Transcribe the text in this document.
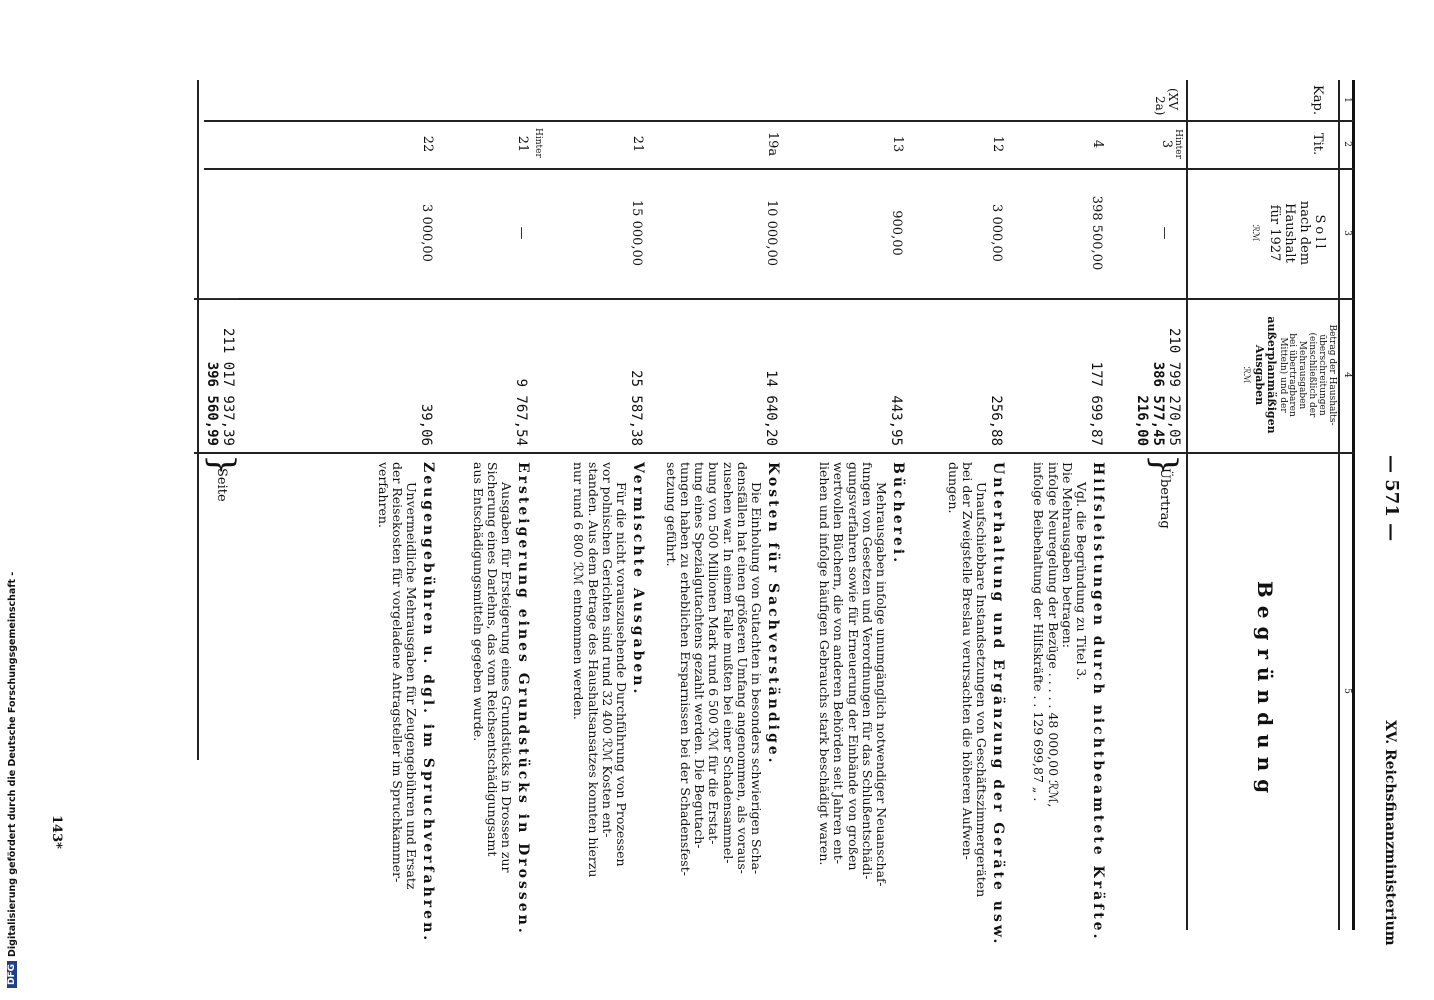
— 571 —
XV. Reichsfinanzministerium
1
2
3
4
5
Kap.
Tit.
Soll
nach dem
Haushalt
für 1927
ℛℳ
Betrag der Haushalts-
überschreitungen
(einschließlich der
Mehrausgaben
bei übertragbaren
Mitteln) und der
außerplanmäßigen
Ausgaben
ℛℳ
Begründung
(XV
2a)
Hinter
3
—
210 799 270,05
386 577,45
216,00
}
Übertrag
4
398 500,00
177 699,87
Hilfsleistungen durch nichtbeamtete Kräfte.
Vgl. die Begründung zu Titel 3.
Die Mehrausgaben betragen:
infolge Neuregelung der Bezüge . . . . . 48 000,00 ℛℳ,
infolge Beibehaltung der Hilfskräfte . . 129 699,87 „ .
12
3 000,00
256,88
Unterhaltung und Ergänzung der Geräte usw.
Unaufschiebbare Instandsetzungen von Geschäftszimmergeräten
bei der Zweigstelle Breslau verursachten die höheren Aufwen-
dungen.
13
900,00
443,95
Bücherei.
Mehrausgaben infolge unumgänglich notwendiger Neuanschaf-
fungen von Gesetzen und Verordnungen für das Schlußentschädi-
gungsverfahren sowie für Erneuerung der Einbände von großen
wertvollen Büchern, die von anderen Behörden seit Jahren ent-
liehen und infolge häufigen Gebrauchs stark beschädigt waren.
19a
10 000,00
14 640,20
Kosten für Sachverständige.
Die Einholung von Gutachten in besonders schwierigen Scha-
densfällen hat einen größeren Umfang angenommen, als voraus-
zusehen war. In einem Falle mußten bei einer Schadensammel-
bung von 500 Millionen Mark rund 6 500 ℛℳ für die Erstat-
tung eines Spezialgutachtens gezahlt werden. Die Begutach-
tungen haben zu erheblichen Ersparnissen bei der Schadensfest-
setzung geführt.
21
15 000,00
25 587,38
Vermischte Ausgaben.
Für die nicht vorauszusehende Durchführung von Prozessen
vor polnischen Gerichten sind rund 32 400 ℛℳ Kosten ent-
standen. Aus dem Betrage des Haushaltsansatzes konnten hierzu
nur rund 6 800 ℛℳ entnommen werden.
Hinter
21
—
9 767,54
Ersteigerung eines Grundstücks in Drossen.
Ausgaben für Ersteigerung eines Grundstücks in Drossen zur
Sicherung eines Darlehns, das vom Reichsentschädigungsamt
aus Entschädigungsmitteln gegeben wurde.
22
3 000,00
39,06
Zeugengebühren u. dgl. im Spruchverfahren.
Unvermeidliche Mehrausgaben für Zeugengebühren und Ersatz
der Reisekosten für vorgeladene Antragsteller im Spruchkammer-
verfahren.
211 017 937,39
396 560,99
}
Seite
143*
DFG
Digitalisierung gefördert durch die Deutsche Forschungsgemeinschaft -
